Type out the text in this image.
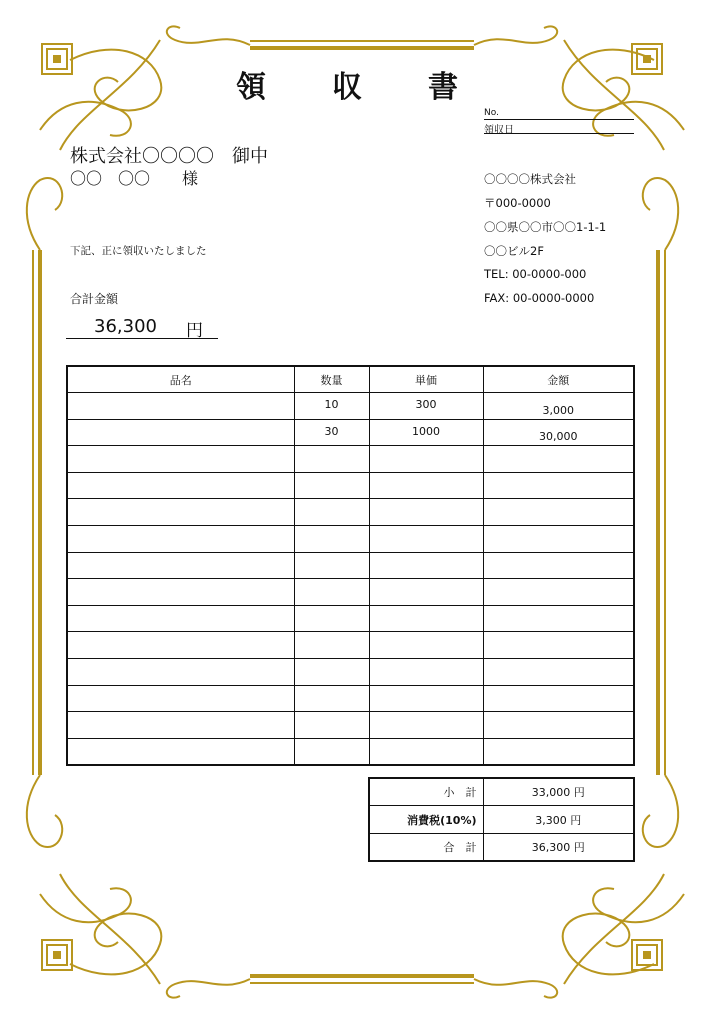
領 収 書
No.
領収日
株式会社〇〇〇〇　御中
〇〇　〇〇　　様	〇〇〇〇株式会社
〒000-0000
〇〇県〇〇市〇〇1-1-1
〇〇ビル2F
TEL: 00-0000-000
FAX: 00-0000-0000
下記、正に領収いたしました
合計金額
36,300 円
品名	数量	単価	金額
	10	300	3,000
	30	1000	30,000

小　計	33,000 円
消費税(10%)	3,300 円
合　計	36,300 円
